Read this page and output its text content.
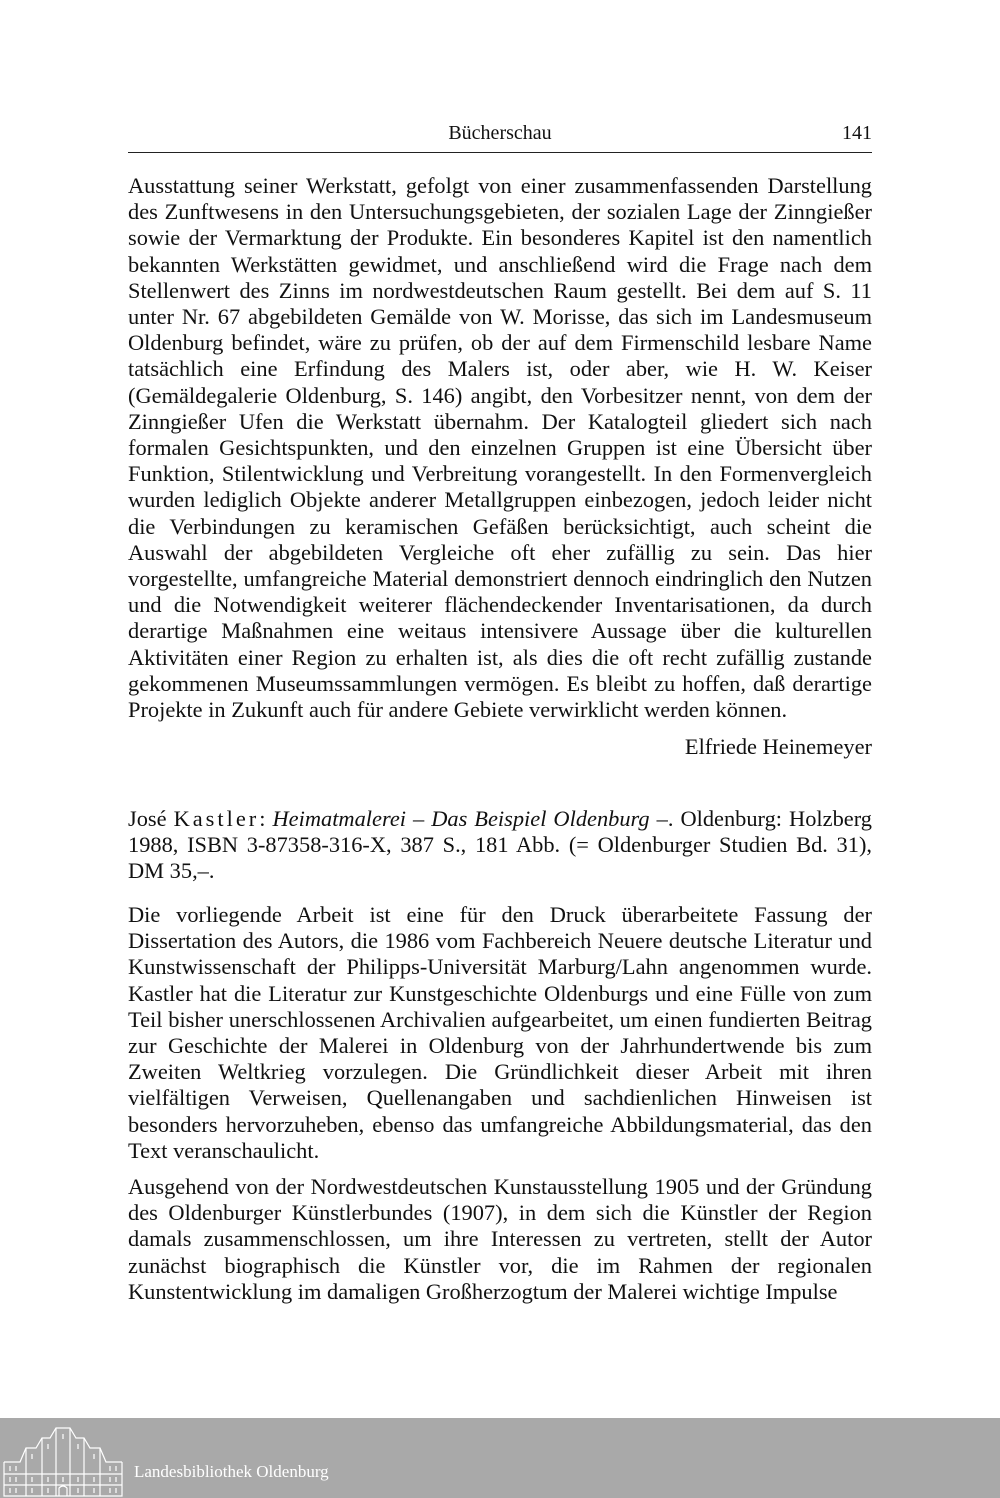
Bücherschau	141
Ausstattung seiner Werkstatt, gefolgt von einer zusammenfassenden Darstellung des Zunftwesens in den Untersuchungsgebieten, der sozialen Lage der Zinngießer sowie der Vermarktung der Produkte. Ein besonderes Kapitel ist den namentlich bekannten Werkstätten gewidmet, und anschließend wird die Frage nach dem Stellenwert des Zinns im nordwestdeutschen Raum gestellt. Bei dem auf S. 11 unter Nr. 67 abgebildeten Gemälde von W. Morisse, das sich im Landesmuseum Oldenburg befindet, wäre zu prüfen, ob der auf dem Firmenschild lesbare Name tatsächlich eine Erfindung des Malers ist, oder aber, wie H. W. Keiser (Gemäldegalerie Oldenburg, S. 146) angibt, den Vorbesitzer nennt, von dem der Zinngießer Ufen die Werkstatt übernahm. Der Katalogteil gliedert sich nach formalen Gesichtspunkten, und den einzelnen Gruppen ist eine Übersicht über Funktion, Stilentwicklung und Verbreitung vorangestellt. In den Formenvergleich wurden lediglich Objekte anderer Metallgruppen einbezogen, jedoch leider nicht die Verbindungen zu keramischen Gefäßen berücksichtigt, auch scheint die Auswahl der abgebildeten Vergleiche oft eher zufällig zu sein. Das hier vorgestellte, umfangreiche Material demonstriert dennoch eindringlich den Nutzen und die Notwendigkeit weiterer flächendeckender Inventarisationen, da durch derartige Maßnahmen eine weitaus intensivere Aussage über die kulturellen Aktivitäten einer Region zu erhalten ist, als dies die oft recht zufällig zustande gekommenen Museumssammlungen vermögen. Es bleibt zu hoffen, daß derartige Projekte in Zukunft auch für andere Gebiete verwirklicht werden können.
Elfriede Heinemeyer
José Kastler: Heimatmalerei – Das Beispiel Oldenburg –. Oldenburg: Holzberg 1988, ISBN 3-87358-316-X, 387 S., 181 Abb. (= Oldenburger Studien Bd. 31), DM 35,–.
Die vorliegende Arbeit ist eine für den Druck überarbeitete Fassung der Dissertation des Autors, die 1986 vom Fachbereich Neuere deutsche Literatur und Kunstwissenschaft der Philipps-Universität Marburg/Lahn angenommen wurde. Kastler hat die Literatur zur Kunstgeschichte Oldenburgs und eine Fülle von zum Teil bisher unerschlossenen Archivalien aufgearbeitet, um einen fundierten Beitrag zur Geschichte der Malerei in Oldenburg von der Jahrhundertwende bis zum Zweiten Weltkrieg vorzulegen. Die Gründlichkeit dieser Arbeit mit ihren vielfältigen Verweisen, Quellenangaben und sachdienlichen Hinweisen ist besonders hervorzuheben, ebenso das umfangreiche Abbildungsmaterial, das den Text veranschaulicht.
Ausgehend von der Nordwestdeutschen Kunstausstellung 1905 und der Gründung des Oldenburger Künstlerbundes (1907), in dem sich die Künstler der Region damals zusammenschlossen, um ihre Interessen zu vertreten, stellt der Autor zunächst biographisch die Künstler vor, die im Rahmen der regionalen Kunstentwicklung im damaligen Großherzogtum der Malerei wichtige Impulse
Landesbibliothek Oldenburg
